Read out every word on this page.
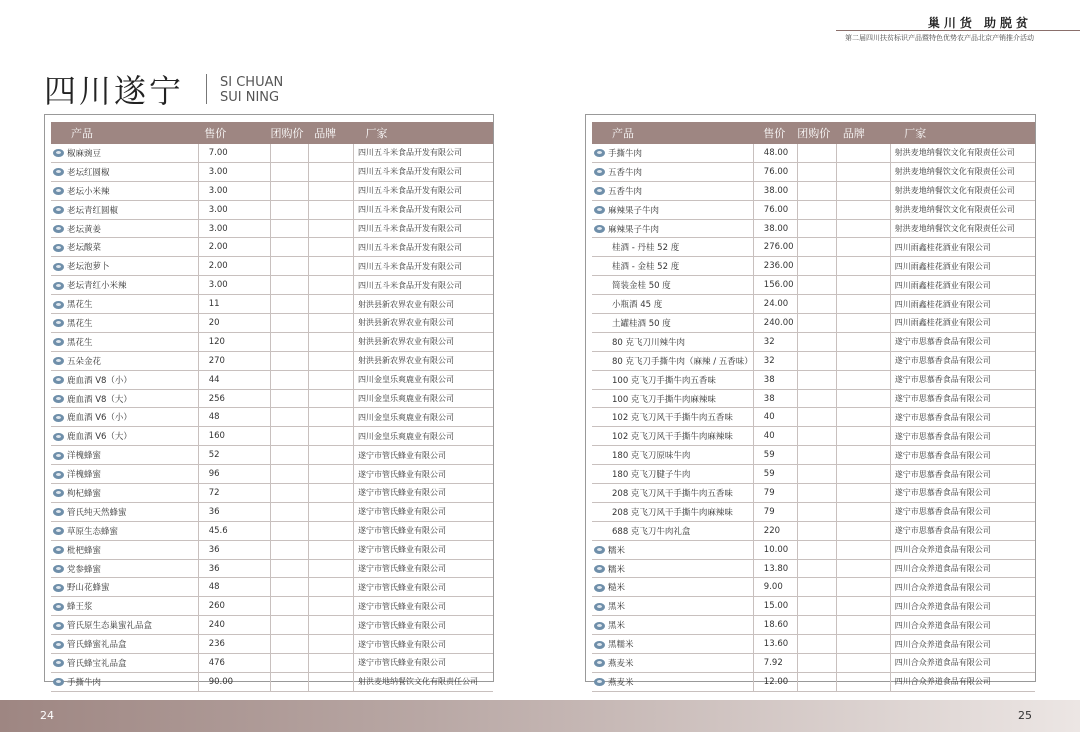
巢川货 助脱贫
第二届四川扶贫标识产品暨特色优势农产品北京产销推介活动
四川遂宁	SI CHUAN
SUI NING
产品	售价	团购价	品牌	厂家
椒麻豌豆	7.00			四川五斗米食品开发有限公司
老坛红圆椒	3.00			四川五斗米食品开发有限公司
老坛小米辣	3.00			四川五斗米食品开发有限公司
老坛青红圆椒	3.00			四川五斗米食品开发有限公司
老坛黄姜	3.00			四川五斗米食品开发有限公司
老坛酸菜	2.00			四川五斗米食品开发有限公司
老坛泡萝卜	2.00			四川五斗米食品开发有限公司
老坛青红小米辣	3.00			四川五斗米食品开发有限公司
黑花生	11			射洪县新农界农业有限公司
黑花生	20			射洪县新农界农业有限公司
黑花生	120			射洪县新农界农业有限公司
五朵金花	270			射洪县新农界农业有限公司
鹿血酒 V8（小）	44			四川金皇乐爽鹿业有限公司
鹿血酒 V8（大）	256			四川金皇乐爽鹿业有限公司
鹿血酒 V6（小）	48			四川金皇乐爽鹿业有限公司
鹿血酒 V6（大）	160			四川金皇乐爽鹿业有限公司
洋槐蜂蜜	52			遂宁市管氏蜂业有限公司
洋槐蜂蜜	96			遂宁市管氏蜂业有限公司
枸杞蜂蜜	72			遂宁市管氏蜂业有限公司
管氏纯天然蜂蜜	36			遂宁市管氏蜂业有限公司
草原生态蜂蜜	45.6			遂宁市管氏蜂业有限公司
枇杷蜂蜜	36			遂宁市管氏蜂业有限公司
党参蜂蜜	36			遂宁市管氏蜂业有限公司
野山花蜂蜜	48			遂宁市管氏蜂业有限公司
蜂王浆	260			遂宁市管氏蜂业有限公司
管氏原生态巢蜜礼品盒	240			遂宁市管氏蜂业有限公司
管氏蜂蜜礼品盒	236			遂宁市管氏蜂业有限公司
管氏蜂宝礼品盒	476			遂宁市管氏蜂业有限公司
手撕牛肉	90.00			射洪麦地纳餐饮文化有限责任公司
产品	售价	团购价	品牌	厂家
手撕牛肉	48.00			射洪麦地纳餐饮文化有限责任公司
五香牛肉	76.00			射洪麦地纳餐饮文化有限责任公司
五香牛肉	38.00			射洪麦地纳餐饮文化有限责任公司
麻辣果子牛肉	76.00			射洪麦地纳餐饮文化有限责任公司
麻辣果子牛肉	38.00			射洪麦地纳餐饮文化有限责任公司
桂酒 - 丹桂 52 度	276.00			四川雨鑫桂花酒业有限公司
桂酒 - 金桂 52 度	236.00			四川雨鑫桂花酒业有限公司
简装金桂 50 度	156.00			四川雨鑫桂花酒业有限公司
小瓶酒 45 度	24.00			四川雨鑫桂花酒业有限公司
土罐桂酒 50 度	240.00			四川雨鑫桂花酒业有限公司
80 克飞刀川辣牛肉	32			遂宁市思慕香食品有限公司
80 克飞刀手撕牛肉（麻辣 / 五香味）	32			遂宁市思慕香食品有限公司
100 克飞刀手撕牛肉五香味	38			遂宁市思慕香食品有限公司
100 克飞刀手撕牛肉麻辣味	38			遂宁市思慕香食品有限公司
102 克飞刀风干手撕牛肉五香味	40			遂宁市思慕香食品有限公司
102 克飞刀风干手撕牛肉麻辣味	40			遂宁市思慕香食品有限公司
180 克飞刀原味牛肉	59			遂宁市思慕香食品有限公司
180 克飞刀腱子牛肉	59			遂宁市思慕香食品有限公司
208 克飞刀风干手撕牛肉五香味	79			遂宁市思慕香食品有限公司
208 克飞刀风干手撕牛肉麻辣味	79			遂宁市思慕香食品有限公司
688 克飞刀牛肉礼盒	220			遂宁市思慕香食品有限公司
糯米	10.00			四川合众养道食品有限公司
糯米	13.80			四川合众养道食品有限公司
糙米	9.00			四川合众养道食品有限公司
黑米	15.00			四川合众养道食品有限公司
黑米	18.60			四川合众养道食品有限公司
黑糯米	13.60			四川合众养道食品有限公司
燕麦米	7.92			四川合众养道食品有限公司
燕麦米	12.00			四川合众养道食品有限公司
24	25
